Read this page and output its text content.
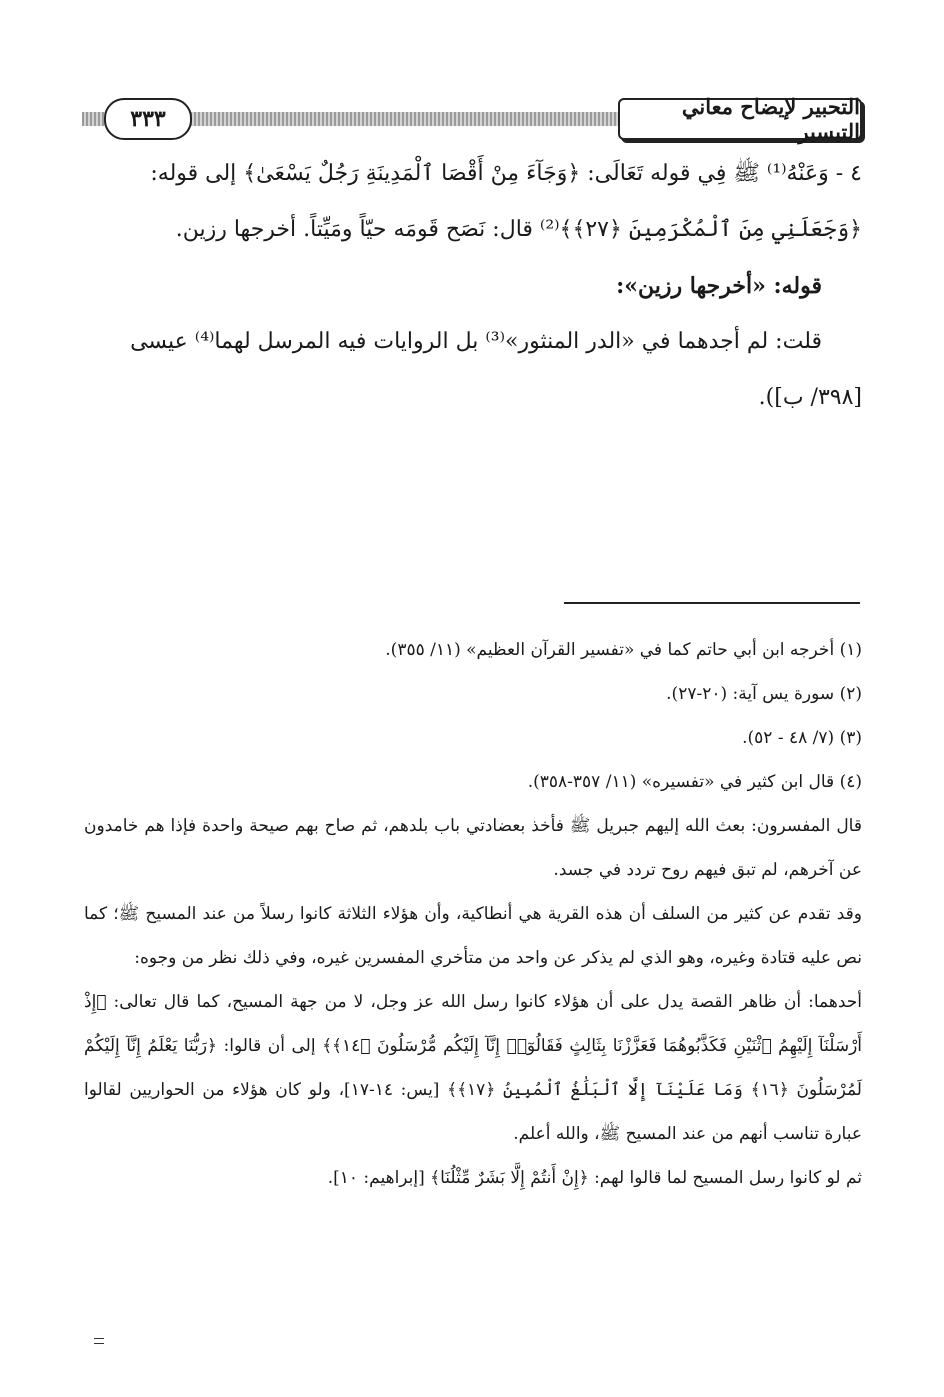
التحبير لإيضاح معاني التيسير
٣٣٣

٤ - وَعَنْهُ⁽¹⁾ ﷺ فِي قوله تَعَالَى: ﴿وَجَآءَ مِنْ أَقْصَا ٱلْمَدِينَةِ رَجُلٌ يَسْعَىٰ﴾ إلى قوله:

﴿وَجَعَلَنِي مِنَ ٱلْمُكْرَمِينَ ﴿٢٧﴾﴾⁽²⁾ قال: نَصَح قَومَه حيّاً ومَيِّتاً. أخرجها رزين.

قوله: «أخرجها رزين»:

قلت: لم أجدهما في «الدر المنثور»⁽³⁾ بل الروايات فيه المرسل لهما⁽⁴⁾ عيسى

[٣٩٨/ ب]).

(١) أخرجه ابن أبي حاتم كما في «تفسير القرآن العظيم» (١١/ ٣٥٥).

(٢) سورة يس آية: (٢٠-٢٧).

(٣) (٧/ ٤٨ - ٥٢).

(٤) قال ابن كثير في «تفسيره» (١١/ ٣٥٧-٣٥٨).

قال المفسرون: بعث الله إليهم جبريل ﷺ فأخذ بعضادتي باب بلدهم، ثم صاح بهم صيحة واحدة فإذا هم خامدون عن آخرهم، لم تبق فيهم روح تردد في جسد.

وقد تقدم عن كثير من السلف أن هذه القرية هي أنطاكية، وأن هؤلاء الثلاثة كانوا رسلاً من عند المسيح ﷺ؛ كما نص عليه قتادة وغيره، وهو الذي لم يذكر عن واحد من متأخري المفسرين غيره، وفي ذلك نظر من وجوه:

أحدهما: أن ظاهر القصة يدل على أن هؤلاء كانوا رسل الله عز وجل، لا من جهة المسيح، كما قال تعالى: ﴿إِذْ أَرْسَلْنَآ إِلَيْهِمُ ٱثْنَيْنِ فَكَذَّبُوهُمَا فَعَزَّزْنَا بِثَالِثٍ فَقَالُوٓا۟ إِنَّآ إِلَيْكُم مُّرْسَلُونَ ﴿١٤﴾﴾ إلى أن قالوا: ﴿رَبُّنَا يَعْلَمُ إِنَّآ إِلَيْكُمْ لَمُرْسَلُونَ ﴿١٦﴾ وَمَا عَلَيْنَآ إِلَّا ٱلْبَلَٰغُ ٱلْمُبِينُ ﴿١٧﴾﴾ [يس: ١٤-١٧]، ولو كان هؤلاء من الحواريين لقالوا عبارة تناسب أنهم من عند المسيح ﷺ، والله أعلم.

ثم لو كانوا رسل المسيح لما قالوا لهم: ﴿إِنْ أَنتُمْ إِلَّا بَشَرٌ مِّثْلُنَا﴾ [إبراهيم: ١٠].
